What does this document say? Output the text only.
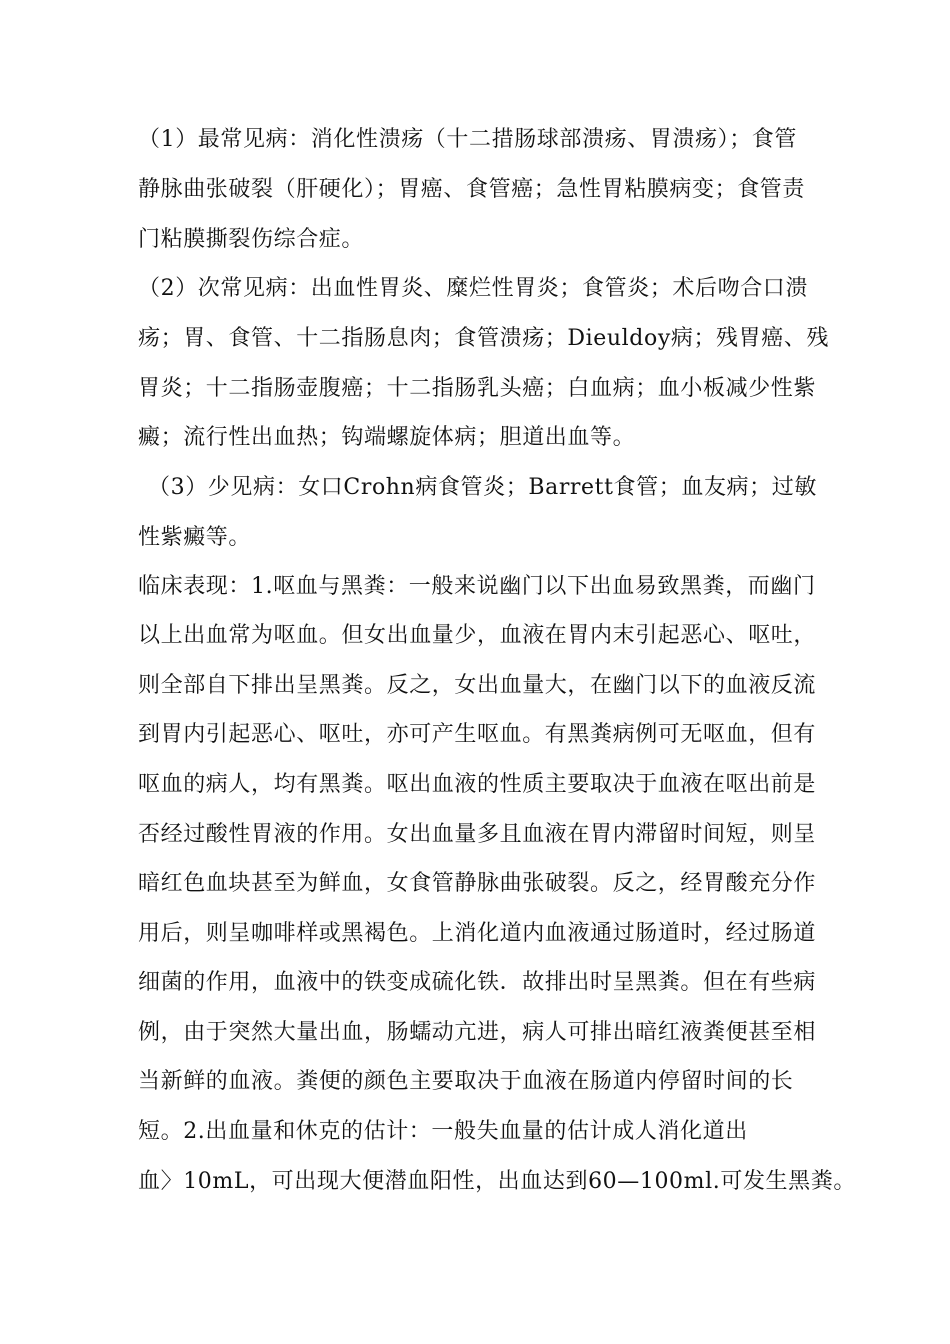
（1）最常见病：消化性溃疡（十二措肠球部溃疡、胃溃疡）；食管
静脉曲张破裂（肝硬化）；胃癌、食管癌；急性胃粘膜病变；食管责
门粘膜撕裂伤综合症。
（2）次常见病：出血性胃炎、糜烂性胃炎；食管炎；术后吻合口溃
疡；胃、食管、十二指肠息肉；食管溃疡；Dieuldoy病；残胃癌、残
胃炎；十二指肠壶腹癌；十二指肠乳头癌；白血病；血小板减少性紫
癜；流行性出血热；钩端螺旋体病；胆道出血等。
（3）少见病：女口Crohn病食管炎；Barrett食管；血友病；过敏
性紫癜等。
临床表现：1.呕血与黑粪：一般来说幽门以下出血易致黑粪，而幽门
以上出血常为呕血。但女出血量少，血液在胃内末引起恶心、呕吐，
则全部自下排出呈黑粪。反之，女出血量大，在幽门以下的血液反流
到胃内引起恶心、呕吐，亦可产生呕血。有黑粪病例可无呕血，但有
呕血的病人，均有黑粪。呕出血液的性质主要取决于血液在呕出前是
否经过酸性胃液的作用。女出血量多且血液在胃内滞留时间短，则呈
暗红色血块甚至为鲜血，女食管静脉曲张破裂。反之，经胃酸充分作
用后，则呈咖啡样或黑褐色。上消化道内血液通过肠道时，经过肠道
细菌的作用，血液中的铁变成硫化铁．故排出时呈黑粪。但在有些病
例，由于突然大量出血，肠蠕动亢进，病人可排出暗红液粪便甚至相
当新鲜的血液。粪便的颜色主要取决于血液在肠道内停留时间的长
短。2.出血量和休克的估计：一般失血量的估计成人消化道出
血〉10mL，可出现大便潜血阳性，出血达到60—100ml.可发生黑粪。
